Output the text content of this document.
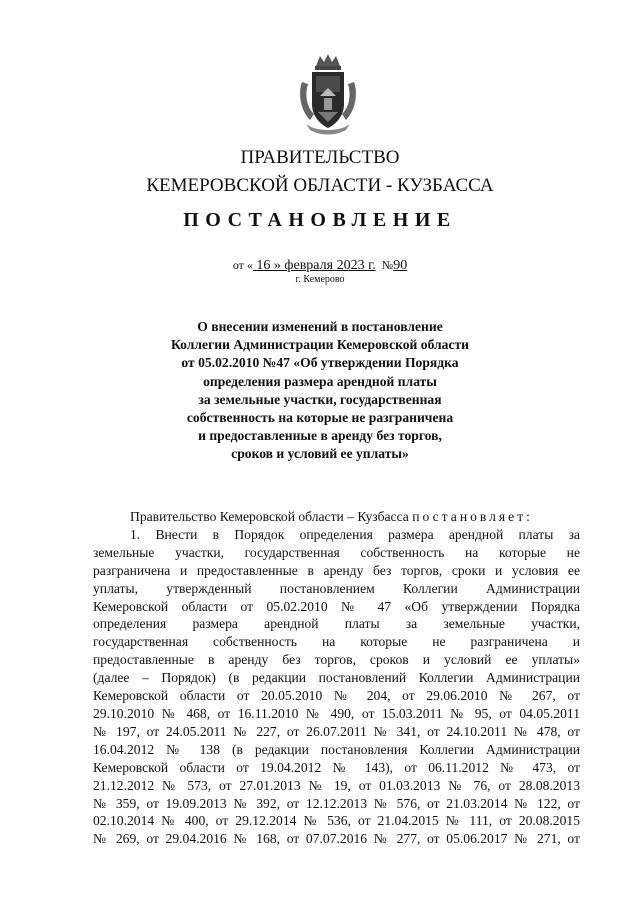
ПРАВИТЕЛЬСТВО
КЕМЕРОВСКОЙ ОБЛАСТИ - КУЗБАССА
ПОСТАНОВЛЕНИЕ
от « 16 » февраля 2023 г. №90
г. Кемерово
О внесении изменений в постановление
Коллегии Администрации Кемеровской области
от 05.02.2010 №47 «Об утверждении Порядка
определения размера арендной платы
за земельные участки, государственная
собственность на которые не разграничена
и предоставленные в аренду без торгов,
сроков и условий ее уплаты»
Правительство Кемеровской области – Кузбасса постановляет:
1. Внести в Порядок определения размера арендной платы за
земельные участки, государственная собственность на которые не
разграничена и предоставленные в аренду без торгов, сроки и условия ее
уплаты, утвержденный постановлением Коллегии Администрации
Кемеровской области от 05.02.2010 № 47 «Об утверждении Порядка
определения размера арендной платы за земельные участки,
государственная собственность на которые не разграничена и
предоставленные в аренду без торгов, сроков и условий ее уплаты»
(далее – Порядок) (в редакции постановлений Коллегии Администрации
Кемеровской области от 20.05.2010 № 204, от 29.06.2010 № 267, от
29.10.2010 № 468, от 16.11.2010 № 490, от 15.03.2011 № 95, от 04.05.2011
№ 197, от 24.05.2011 № 227, от 26.07.2011 № 341, от 24.10.2011 № 478, от
16.04.2012 № 138 (в редакции постановления Коллегии Администрации
Кемеровской области от 19.04.2012 № 143), от 06.11.2012 № 473, от
21.12.2012 № 573, от 27.01.2013 № 19, от 01.03.2013 № 76, от 28.08.2013
№ 359, от 19.09.2013 № 392, от 12.12.2013 № 576, от 21.03.2014 № 122, от
02.10.2014 № 400, от 29.12.2014 № 536, от 21.04.2015 № 111, от 20.08.2015
№ 269, от 29.04.2016 № 168, от 07.07.2016 № 277, от 05.06.2017 № 271, от
